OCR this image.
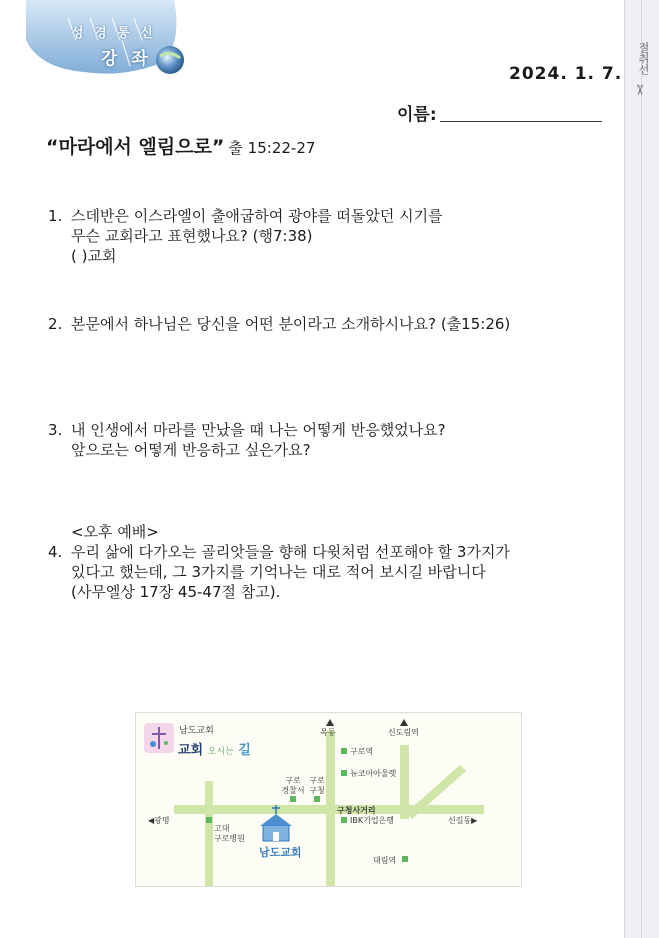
절취선
✂
성 경 통 신
강 좌
2024. 1. 7.
이름:
“마라에서 엘림으로” 출 15:22-27
1. 스데반은 이스라엘이 출애굽하여 광야를 떠돌았던 시기를
무슨 교회라고 표현했나요? (행7:38)
( )교회
2. 본문에서 하나님은 당신을 어떤 분이라고 소개하시나요? (출15:26)
3. 내 인생에서 마라를 만났을 때 나는 어떻게 반응했었나요?
앞으로는 어떻게 반응하고 싶은가요?
<오후 예배>
4. 우리 삶에 다가오는 골리앗들을 향해 다윗처럼 선포해야 할 3가지가
있다고 했는데, 그 3가지를 기억나는 대로 적어 보시길 바랍니다
(사무엘상 17장 45-47절 참고).
남도교회
교회 오시는 길
목동	신도림역
구로역
뉴코아아울렛
구로
경찰서
구로
구청
구청사거리
◀광명	신길동▶
IBK기업은행
고대
구로병원
남도교회
대림역
